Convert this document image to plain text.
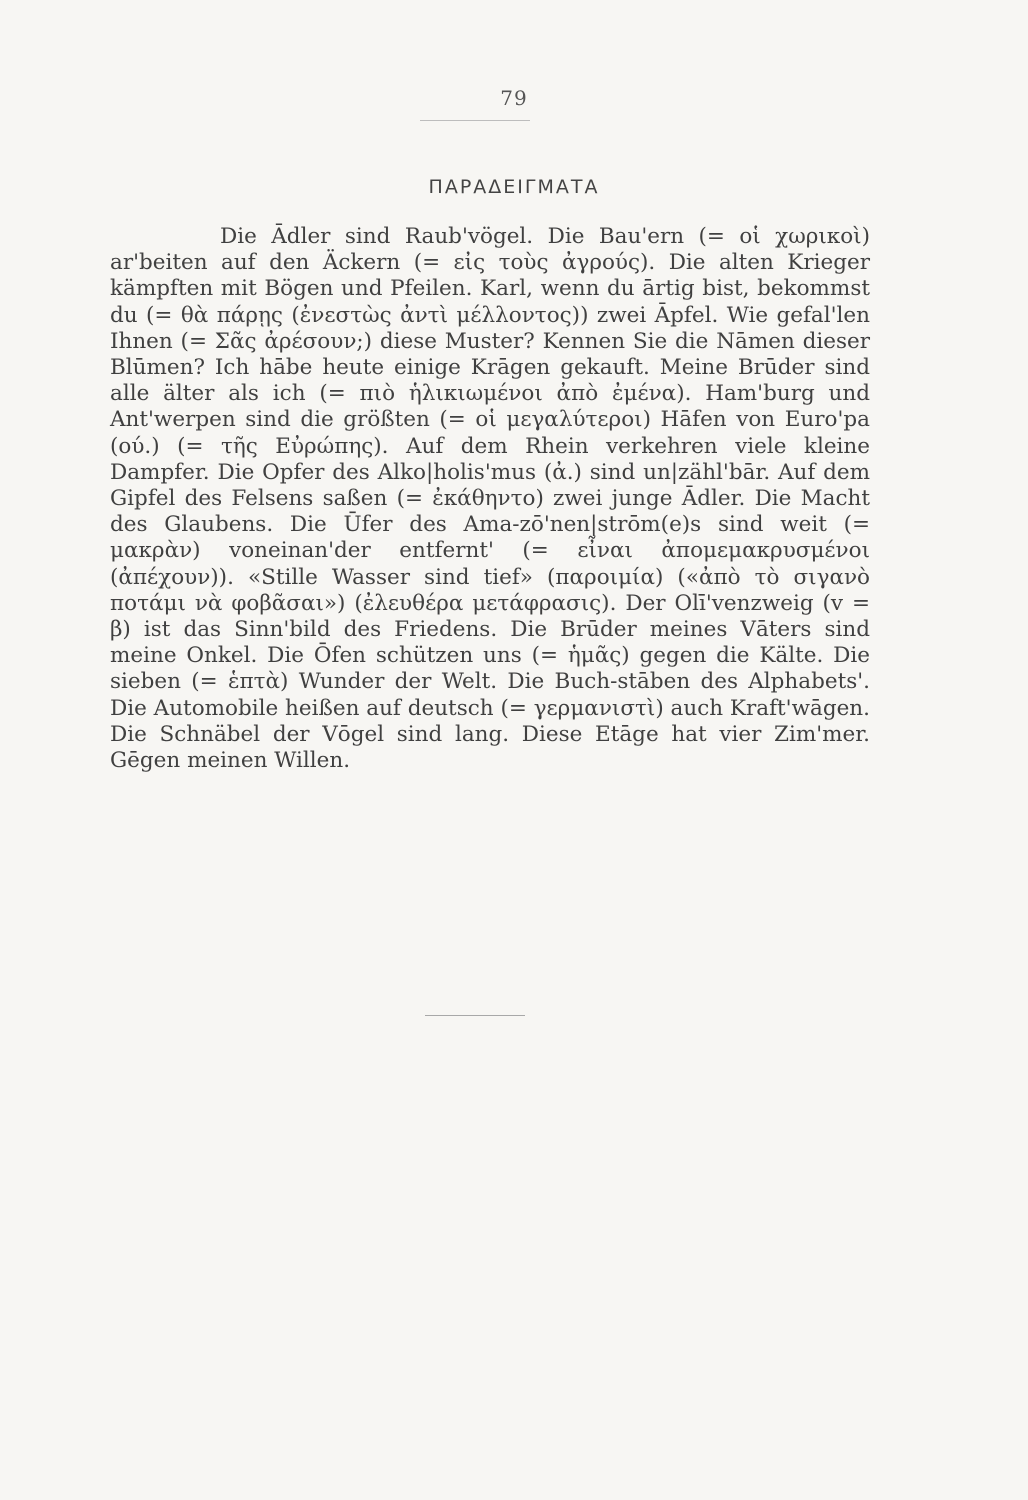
79
ΠΑΡΑΔΕΙΓΜΑΤΑ
Die Ādler sind Raub'vögel. Die Bau'ern (= οἱ χωρικοὶ) ar'beiten auf den Äckern (= εἰς τοὺς ἀγρούς). Die alten Krieger kämpften mit Bögen und Pfeilen. Karl, wenn du ārtig bist, bekommst du (= θὰ πάρῃς (ἐνεστὼς ἀντὶ μέλλοντος)) zwei Āpfel. Wie gefal'len Ihnen (= Σᾶς ἀρέσουν;) diese Muster? Kennen Sie die Nāmen dieser Blūmen? Ich hābe heute einige Krāgen gekauft. Meine Brūder sind alle älter als ich (= πιὸ ἡλικιωμένοι ἀπὸ ἐμένα). Ham'burg und Ant'werpen sind die größten (= οἱ μεγαλύτεροι) Hāfen von Euro'pa (ού.) (= τῆς Εὐρώπης). Auf dem Rhein verkehren viele kleine Dampfer. Die Opfer des Alko|holis'mus (ἀ.) sind un|zähl'bār. Auf dem Gipfel des Felsens saßen (= ἐκάθηντο) zwei junge Ādler. Die Macht des Glaubens. Die Ūfer des Ama-zō'nen|strōm(e)s sind weit (= μακρὰν) voneinan'der entfernt' (= εἶναι ἀπομεμακρυσμένοι (ἀπέχουν)). «Stille Wasser sind tief» (παροιμία) («ἀπὸ τὸ σιγανὸ ποτάμι νὰ φοβᾶσαι») (ἐλευθέρα μετάφρασις). Der Olī'venzweig (v = β) ist das Sinn'bild des Friedens. Die Brūder meines Vāters sind meine Onkel. Die Ōfen schützen uns (= ἡμᾶς) gegen die Kälte. Die sieben (= ἑπτὰ) Wunder der Welt. Die Buch-stāben des Alphabets'. Die Automobile heißen auf deutsch (= γερμανιστὶ) auch Kraft'wāgen. Die Schnäbel der Vōgel sind lang. Diese Etāge hat vier Zim'mer. Gēgen meinen Willen.
